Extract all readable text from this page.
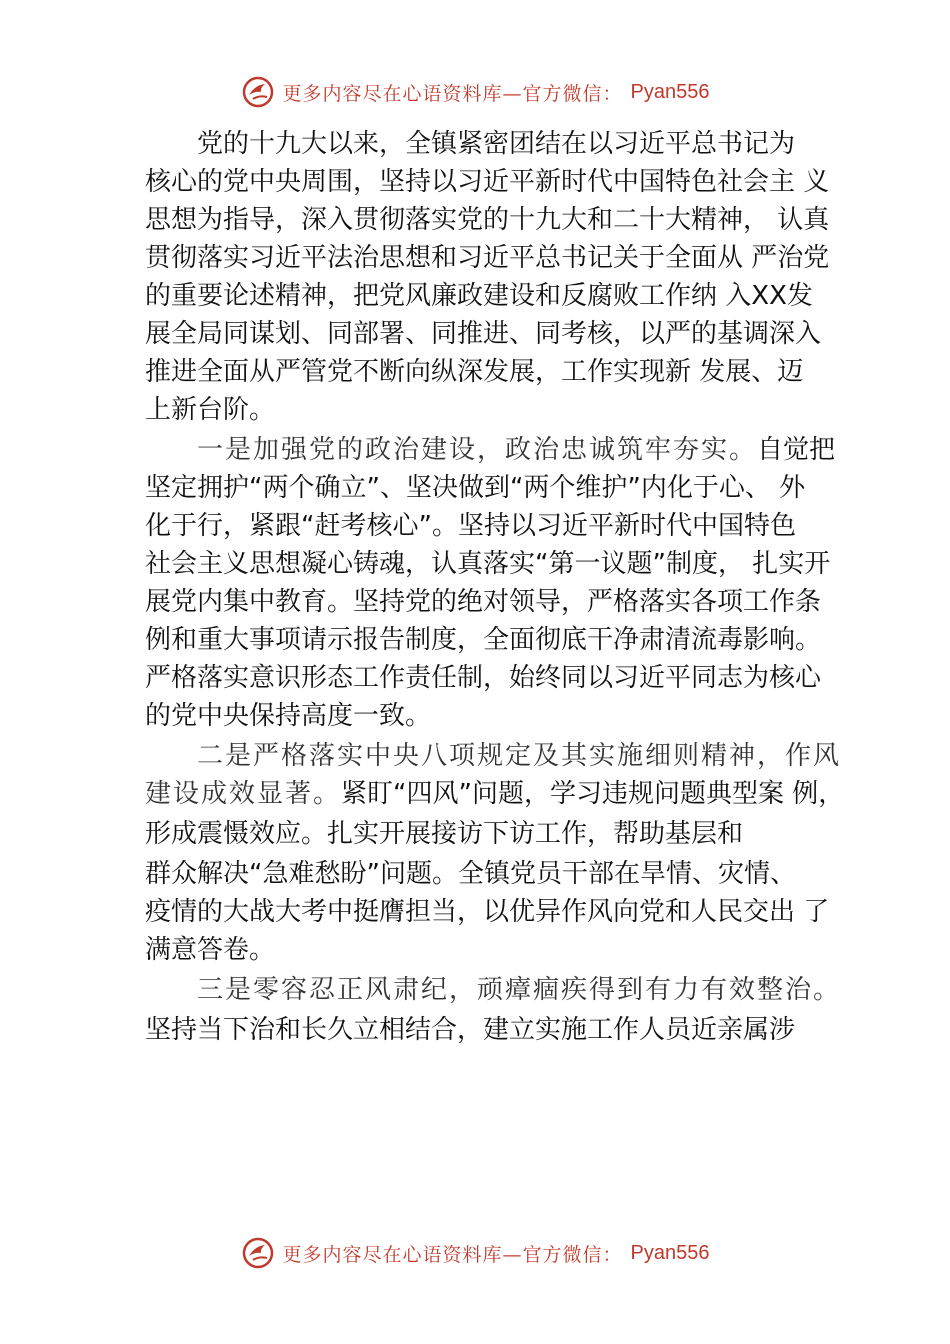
更多内容尽在心语资料库—官方微信： Pyan556
党的十九大以来，全镇紧密团结在以习近平总书记为
核心的党中央周围，坚持以习近平新时代中国特色社会主 义
思想为指导，深入贯彻落实党的十九大和二十大精神， 认真
贯彻落实习近平法治思想和习近平总书记关于全面从 严治党
的重要论述精神，把党风廉政建设和反腐败工作纳 入XX发
展全局同谋划、同部署、同推进、同考核，以严的基调深入
推进全面从严管党不断向纵深发展，工作实现新 发展、迈
上新台阶。
一是加强党的政治建设，政治忠诚筑牢夯实。自觉把
坚定拥护“两个确立”、坚决做到“两个维护”内化于心、 外
化于行，紧跟“赶考核心”。坚持以习近平新时代中国特色
社会主义思想凝心铸魂，认真落实“第一议题”制度， 扎实开
展党内集中教育。坚持党的绝对领导，严格落实各项工作条
例和重大事项请示报告制度，全面彻底干净肃清流毒影响。
严格落实意识形态工作责任制，始终同以习近平同志为核心
的党中央保持高度一致。
二是严格落实中央八项规定及其实施细则精神，作风
建设成效显著。紧盯“四风”问题，学习违规问题典型案 例，
形成震慑效应。扎实开展接访下访工作，帮助基层和
群众解决“急难愁盼”问题。全镇党员干部在旱情、灾情、
疫情的大战大考中挺膺担当，以优异作风向党和人民交出 了
满意答卷。
三是零容忍正风肃纪，顽瘴痼疾得到有力有效整治。
坚持当下治和长久立相结合，建立实施工作人员近亲属涉
更多内容尽在心语资料库—官方微信： Pyan556
